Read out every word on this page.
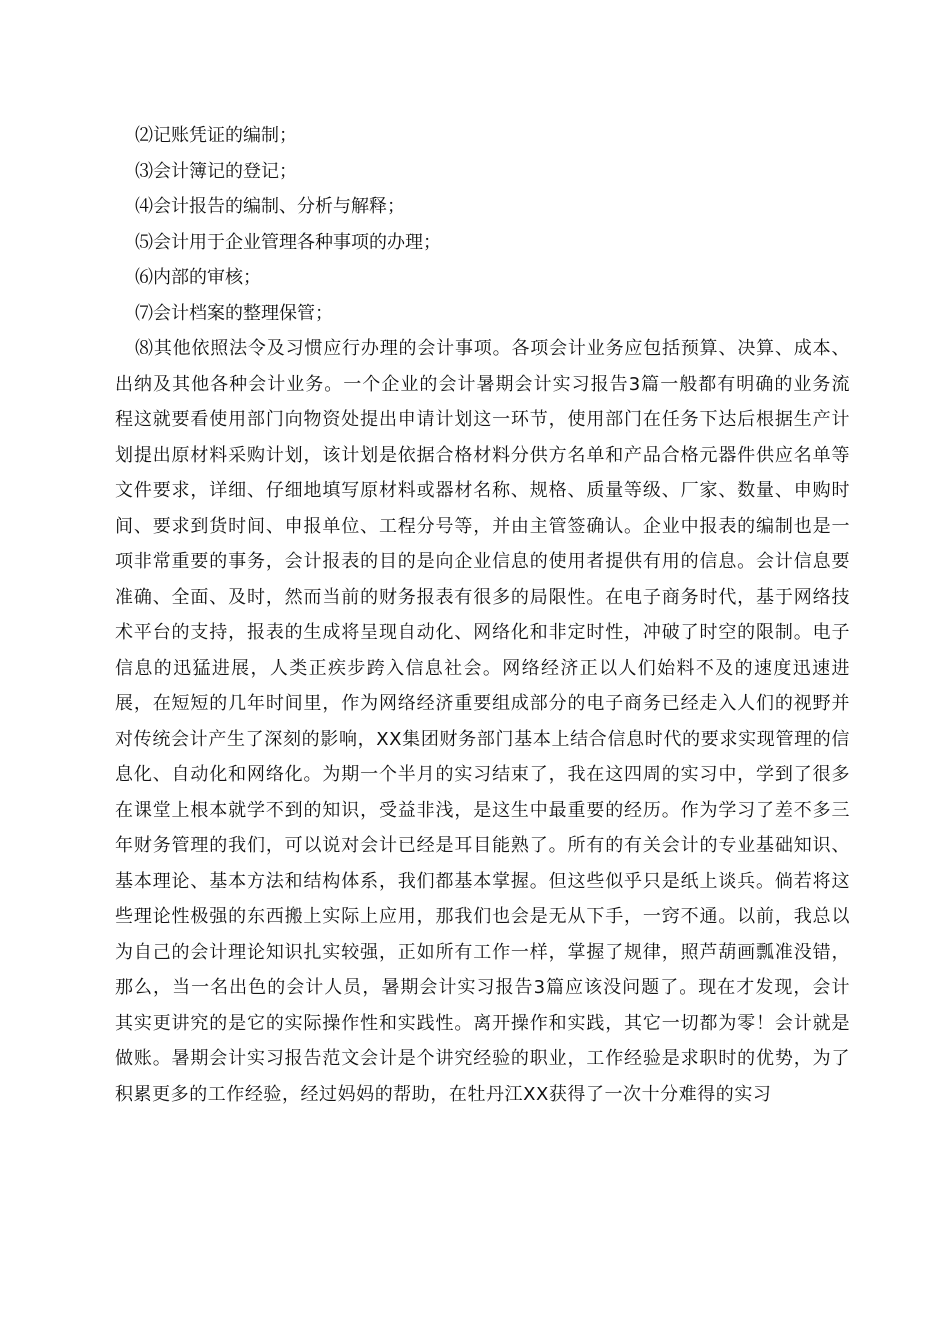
⑵记账凭证的编制；
⑶会计簿记的登记；
⑷会计报告的编制、分析与解释；
⑸会计用于企业管理各种事项的办理；
⑹内部的审核；
⑺会计档案的整理保管；

⑻其他依照法令及习惯应行办理的会计事项。各项会计业务应包括预算、决算、成本、出纳及其他各种会计业务。一个企业的会计暑期会计实习报告3篇一般都有明确的业务流程这就要看使用部门向物资处提出申请计划这一环节，使用部门在任务下达后根据生产计划提出原材料采购计划，该计划是依据合格材料分供方名单和产品合格元器件供应名单等文件要求，详细、仔细地填写原材料或器材名称、规格、质量等级、厂家、数量、申购时间、要求到货时间、申报单位、工程分号等，并由主管签确认。企业中报表的编制也是一项非常重要的事务，会计报表的目的是向企业信息的使用者提供有用的信息。会计信息要准确、全面、及时，然而当前的财务报表有很多的局限性。在电子商务时代，基于网络技术平台的支持，报表的生成将呈现自动化、网络化和非定时性，冲破了时空的限制。电子信息的迅猛进展，人类正疾步跨入信息社会。网络经济正以人们始料不及的速度迅速进展，在短短的几年时间里，作为网络经济重要组成部分的电子商务已经走入人们的视野并对传统会计产生了深刻的影响，XX集团财务部门基本上结合信息时代的要求实现管理的信息化、自动化和网络化。为期一个半月的实习结束了，我在这四周的实习中，学到了很多在课堂上根本就学不到的知识，受益非浅，是这生中最重要的经历。作为学习了差不多三年财务管理的我们，可以说对会计已经是耳目能熟了。所有的有关会计的专业基础知识、基本理论、基本方法和结构体系，我们都基本掌握。但这些似乎只是纸上谈兵。倘若将这些理论性极强的东西搬上实际上应用，那我们也会是无从下手，一窍不通。以前，我总以为自己的会计理论知识扎实较强，正如所有工作一样，掌握了规律，照芦葫画瓢准没错，那么，当一名出色的会计人员，暑期会计实习报告3篇应该没问题了。现在才发现，会计其实更讲究的是它的实际操作性和实践性。离开操作和实践，其它一切都为零！会计就是做账。暑期会计实习报告范文会计是个讲究经验的职业，工作经验是求职时的优势，为了积累更多的工作经验，经过妈妈的帮助，在牡丹江XX获得了一次十分难得的实习
